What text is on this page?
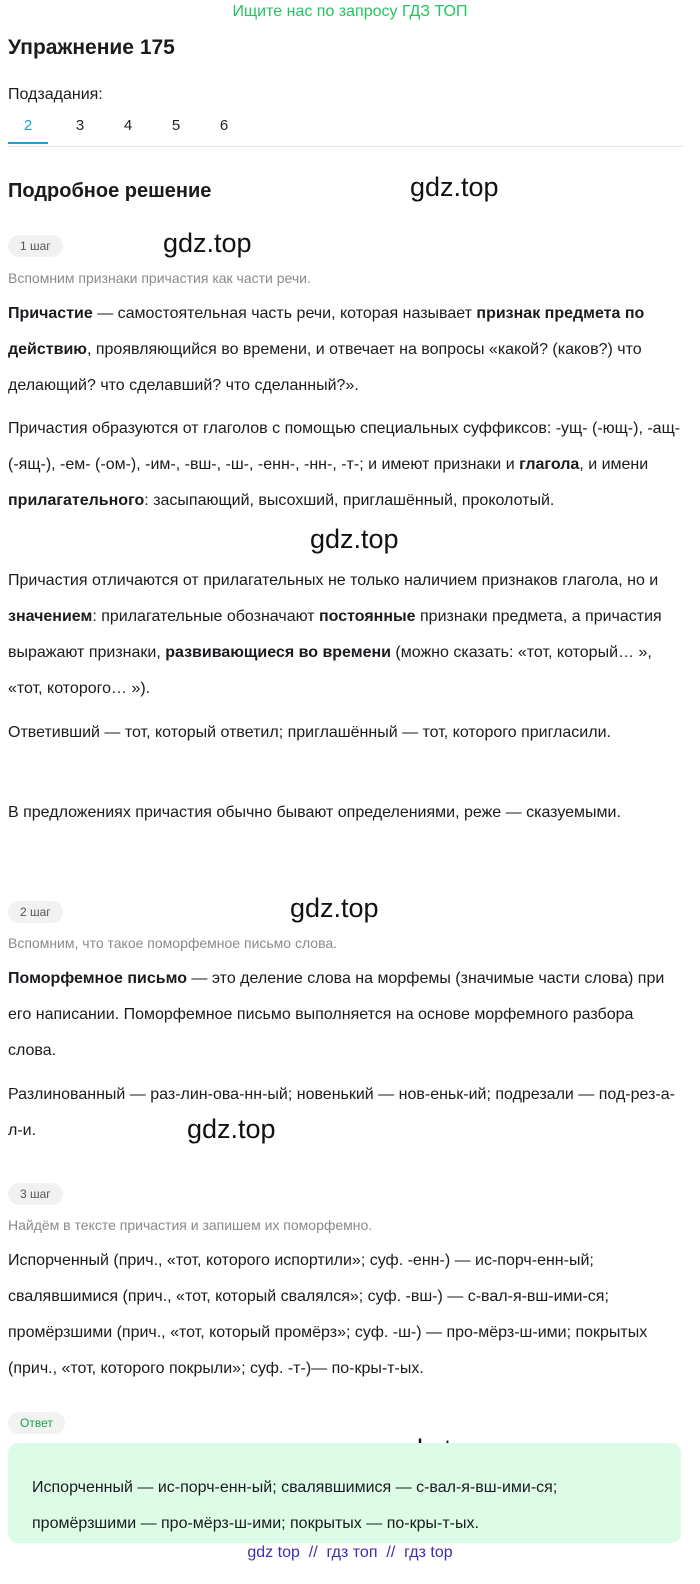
Ищите нас по запросу ГДЗ ТОП
Упражнение 175
Подзадания:
2	3	4	5	6
Подробное решение	gdz.top
gdz.top
gdz.top
gdz.top
gdz.top
1 шаг
Вспомним признаки причастия как части речи.

Причастие — самостоятельная часть речи, которая называет признак предмета по действию, проявляющийся во времени, и отвечает на вопросы «какой? (каков?) что делающий? что сделавший? что сделанный?».

Причастия образуются от глаголов с помощью специальных суффиксов: -ущ- (-ющ-), -ащ- (-ящ-), -ем- (-ом-), -им-, -вш-, -ш-, -енн-, -нн-, -т-; и имеют признаки и глагола, и имени прилагательного: засыпающий, высохший, приглашённый, проколотый.

Причастия отличаются от прилагательных не только наличием признаков глагола, но и значением: прилагательные обозначают постоянные признаки предмета, а причастия выражают признаки, развивающиеся во времени (можно сказать: «тот, который… », «тот, которого… »).

Ответивший — тот, который ответил; приглашённый — тот, которого пригласили.

В предложениях причастия обычно бывают определениями, реже — сказуемыми.

2 шаг
Вспомним, что такое поморфемное письмо слова.

Поморфемное письмо — это деление слова на морфемы (значимые части слова) при его написании. Поморфемное письмо выполняется на основе морфемного разбора слова.

Разлинованный — раз-лин-ова-нн-ый; новенький — нов-еньк-ий; подрезали — под-рез-а-л-и.

3 шаг
Найдём в тексте причастия и запишем их поморфемно.

Испорченный (прич., «тот, которого испортили»; суф. -енн-) — ис-порч-енн-ый; свалявшимися (прич., «тот, который свалялся»; суф. -вш-) — с-вал-я-вш-ими-ся; промёрзшими (прич., «тот, который промёрз»; суф. -ш-) — про-мёрз-ш-ими; покрытых (прич., «тот, которого покрыли»; суф. -т-)— по-кры-т-ых.

Ответ

Испорченный — ис-порч-енн-ый; свалявшимися — с-вал-я-вш-ими-ся; промёрзшими — про-мёрз-ш-ими; покрытых — по-кры-т-ых.

gdz top  //  гдз топ  //  гдз top
